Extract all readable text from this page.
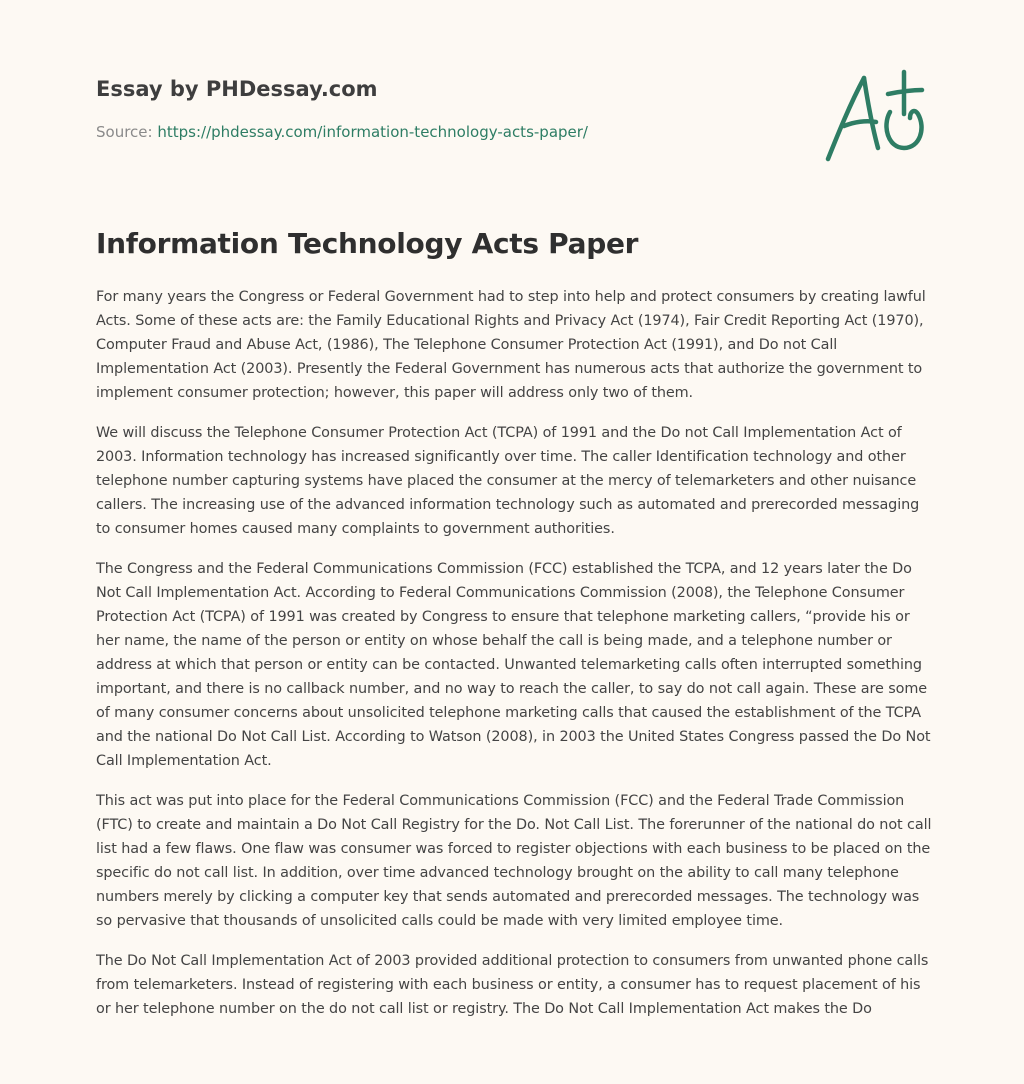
Essay by PHDessay.com
Source: https://phdessay.com/information-technology-acts-paper/
Information Technology Acts Paper

For many years the Congress or Federal Government had to step into help and protect consumers by creating lawful Acts. Some of these acts are: the Family Educational Rights and Privacy Act (1974), Fair Credit Reporting Act (1970), Computer Fraud and Abuse Act, (1986), The Telephone Consumer Protection Act (1991), and Do not Call Implementation Act (2003). Presently the Federal Government has numerous acts that authorize the government to implement consumer protection; however, this paper will address only two of them.

We will discuss the Telephone Consumer Protection Act (TCPA) of 1991 and the Do not Call Implementation Act of 2003. Information technology has increased significantly over time. The caller Identification technology and other telephone number capturing systems have placed the consumer at the mercy of telemarketers and other nuisance callers. The increasing use of the advanced information technology such as automated and prerecorded messaging to consumer homes caused many complaints to government authorities.

The Congress and the Federal Communications Commission (FCC) established the TCPA, and 12 years later the Do Not Call Implementation Act. According to Federal Communications Commission (2008), the Telephone Consumer Protection Act (TCPA) of 1991 was created by Congress to ensure that telephone marketing callers, “provide his or her name, the name of the person or entity on whose behalf the call is being made, and a telephone number or address at which that person or entity can be contacted. Unwanted telemarketing calls often interrupted something important, and there is no callback number, and no way to reach the caller, to say do not call again. These are some of many consumer concerns about unsolicited telephone marketing calls that caused the establishment of the TCPA and the national Do Not Call List. According to Watson (2008), in 2003 the United States Congress passed the Do Not Call Implementation Act.

This act was put into place for the Federal Communications Commission (FCC) and the Federal Trade Commission (FTC) to create and maintain a Do Not Call Registry for the Do. Not Call List. The forerunner of the national do not call list had a few flaws. One flaw was consumer was forced to register objections with each business to be placed on the specific do not call list. In addition, over time advanced technology brought on the ability to call many telephone numbers merely by clicking a computer key that sends automated and prerecorded messages. The technology was so pervasive that thousands of unsolicited calls could be made with very limited employee time.

The Do Not Call Implementation Act of 2003 provided additional protection to consumers from unwanted phone calls from telemarketers. Instead of registering with each business or entity, a consumer has to request placement of his or her telephone number on the do not call list or registry. The Do Not Call Implementation Act makes the Do
